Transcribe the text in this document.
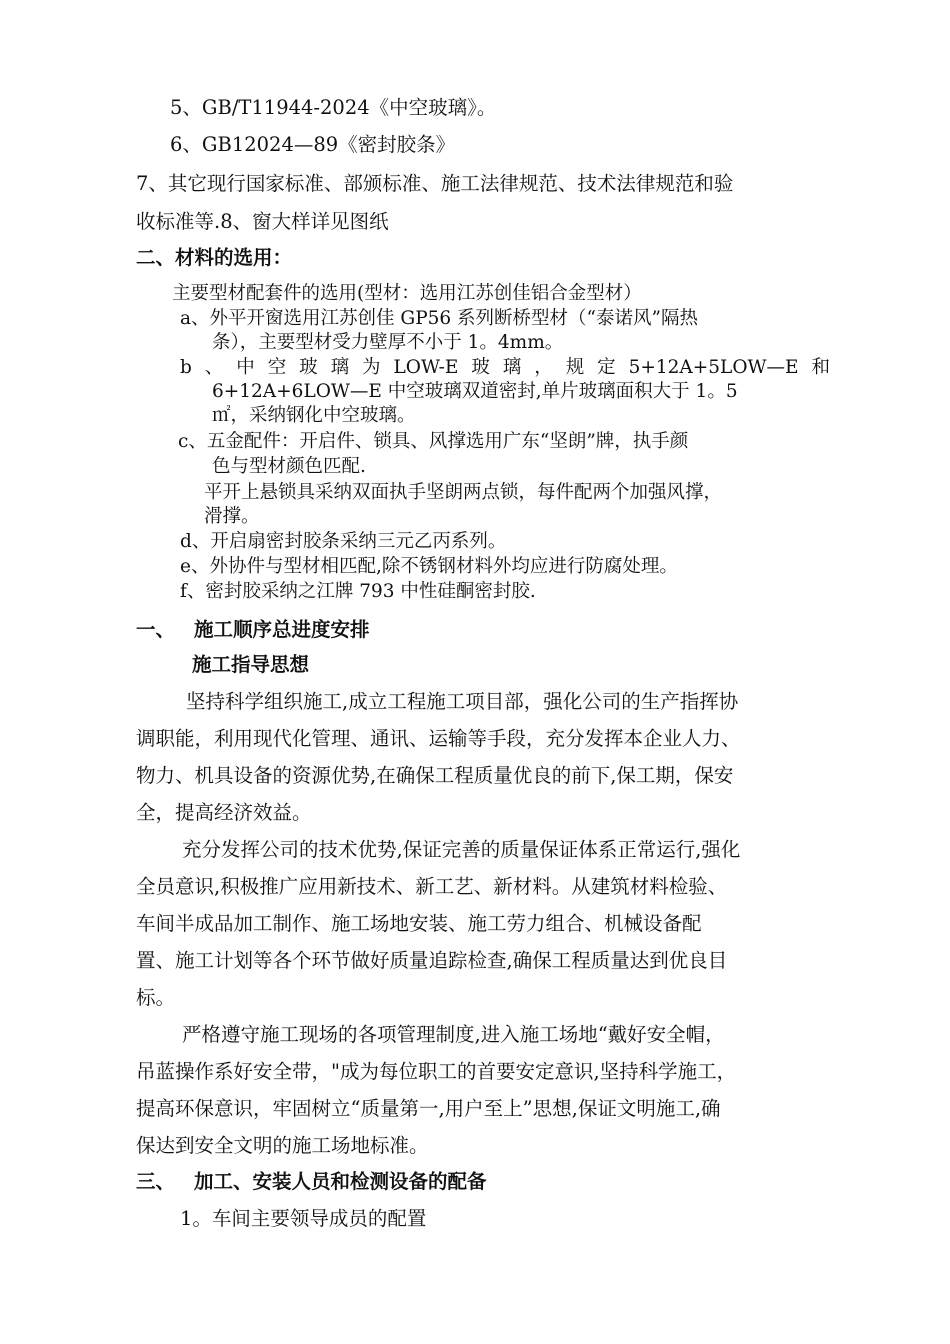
5、GB/T11944-2024《中空玻璃》。
6、GB12024—89《密封胶条》
7、其它现行国家标准、部颁标准、施工法律规范、技术法律规范和验
收标准等.8、窗大样详见图纸
二、材料的选用：
主要型材配套件的选用(型材：选用江苏创佳铝合金型材）
a、外平开窗选用江苏创佳 GP56 系列断桥型材（“泰诺风”隔热
条），主要型材受力壁厚不小于 1。4mm。
b 、 中 空 玻 璃 为 LOW-E 玻 璃 ， 规 定 5+12A+5LOW—E 和
6+12A+6LOW—E 中空玻璃双道密封,单片玻璃面积大于 1。5
㎡，采纳钢化中空玻璃。
c、五金配件：开启件、锁具、风撑选用广东“坚朗”牌，执手颜
色与型材颜色匹配.
平开上悬锁具采纳双面执手坚朗两点锁，每件配两个加强风撑，
滑撑。
d、开启扇密封胶条采纳三元乙丙系列。
e、外协件与型材相匹配,除不锈钢材料外均应进行防腐处理。
f、密封胶采纳之江牌 793 中性硅酮密封胶.
一、 施工顺序总进度安排
施工指导思想
坚持科学组织施工,成立工程施工项目部，强化公司的生产指挥协
调职能，利用现代化管理、通讯、运输等手段，充分发挥本企业人力、
物力、机具设备的资源优势,在确保工程质量优良的前下,保工期，保安
全，提高经济效益。
充分发挥公司的技术优势,保证完善的质量保证体系正常运行,强化
全员意识,积极推广应用新技术、新工艺、新材料。从建筑材料检验、
车间半成品加工制作、施工场地安装、施工劳力组合、机械设备配
置、施工计划等各个环节做好质量追踪检查,确保工程质量达到优良目
标。
严格遵守施工现场的各项管理制度,进入施工场地“戴好安全帽，
吊蓝操作系好安全带，"成为每位职工的首要安定意识,坚持科学施工，
提高环保意识，牢固树立“质量第一,用户至上”思想,保证文明施工,确
保达到安全文明的施工场地标准。
三、 加工、安装人员和检测设备的配备
1。车间主要领导成员的配置
